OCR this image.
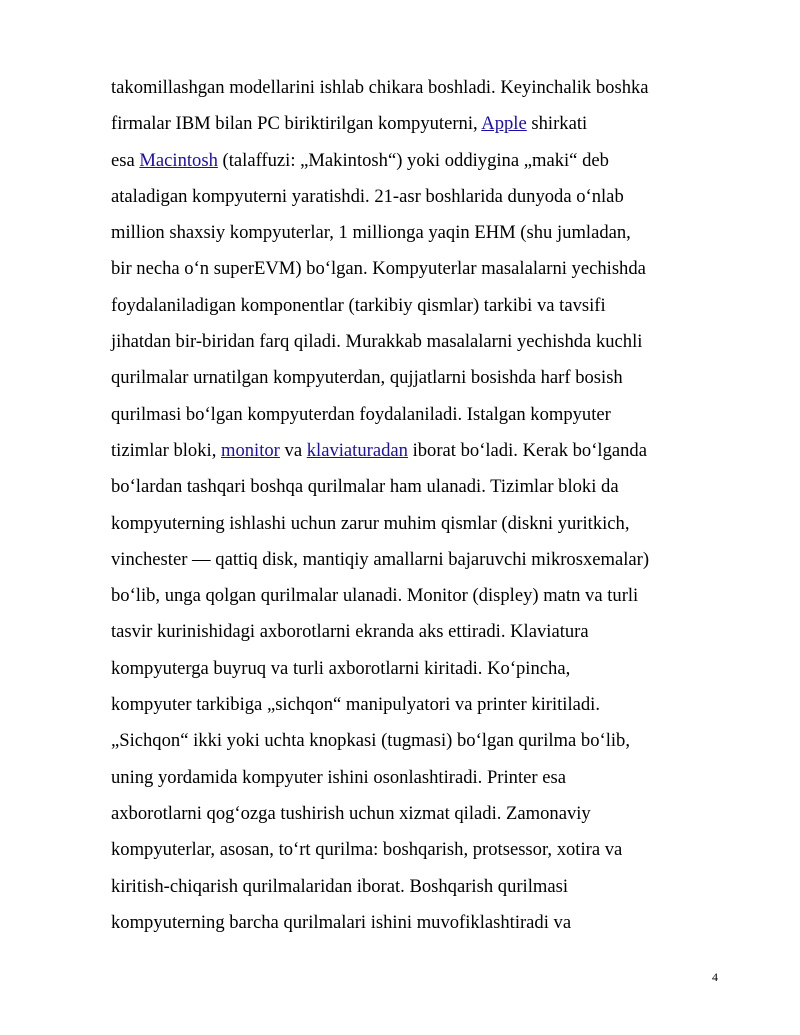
takomillashgan modellarini ishlab chikara boshladi. Keyinchalik boshka
firmalar IBM bilan PC biriktirilgan kompyuterni, Apple shirkati
esa Macintosh (talaffuzi: „Makintosh“) yoki oddiygina „maki“ deb
ataladigan kompyuterni yaratishdi. 21-asr boshlarida dunyoda oʻnlab
million shaxsiy kompyuterlar, 1 millionga yaqin EHM (shu jumladan,
bir necha oʻn superEVM) boʻlgan. Kompyuterlar masalalarni yechishda
foydalaniladigan komponentlar (tarkibiy qismlar) tarkibi va tavsifi
jihatdan bir-biridan farq qiladi. Murakkab masalalarni yechishda kuchli
qurilmalar urnatilgan kompyuterdan, qujjatlarni bosishda harf bosish
qurilmasi boʻlgan kompyuterdan foydalaniladi. Istalgan kompyuter
tizimlar bloki, monitor va klaviaturadan iborat boʻladi. Kerak boʻlganda
boʻlardan tashqari boshqa qurilmalar ham ulanadi. Tizimlar bloki da
kompyuterning ishlashi uchun zarur muhim qismlar (diskni yuritkich,
vinchester — qattiq disk, mantiqiy amallarni bajaruvchi mikrosxemalar)
boʻlib, unga qolgan qurilmalar ulanadi. Monitor (displey) matn va turli
tasvir kurinishidagi axborotlarni ekranda aks ettiradi. Klaviatura
kompyuterga buyruq va turli axborotlarni kiritadi. Koʻpincha,
kompyuter tarkibiga „sichqon“ manipulyatori va printer kiritiladi.
„Sichqon“ ikki yoki uchta knopkasi (tugmasi) boʻlgan qurilma boʻlib,
uning yordamida kompyuter ishini osonlashtiradi. Printer esa
axborotlarni qogʻozga tushirish uchun xizmat qiladi. Zamonaviy
kompyuterlar, asosan, toʻrt qurilma: boshqarish, protsessor, xotira va
kiritish-chiqarish qurilmalaridan iborat. Boshqarish qurilmasi
kompyuterning barcha qurilmalari ishini muvofiklashtiradi va
4
